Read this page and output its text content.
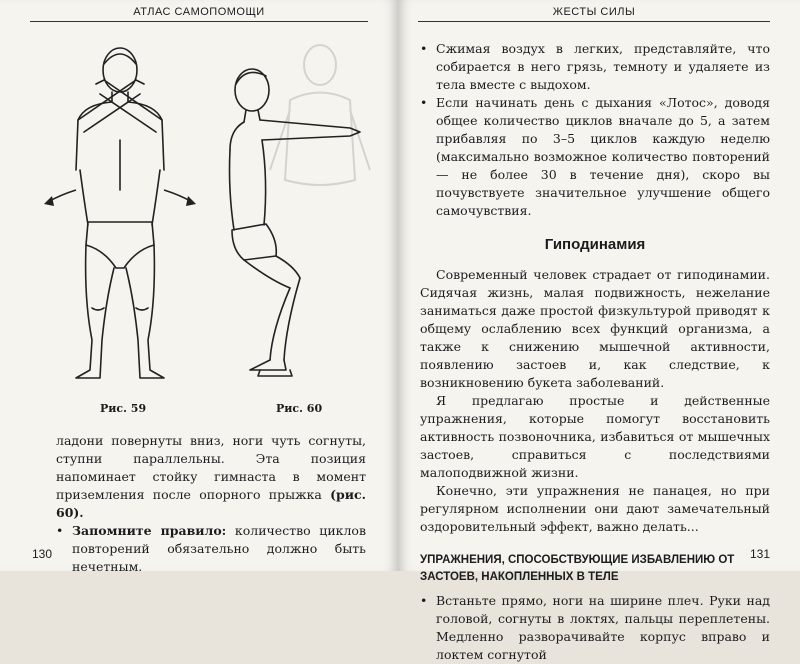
АТЛАС САМОПОМОЩИ
Рис. 59	Рис. 60

ладони повернуты вниз, ноги чуть согнуты, ступни параллельны. Эта позиция напоминает стойку гимнаста в момент приземления после опорного прыжка (рис. 60).

• Запомните правило: количество циклов повторений обязательно должно быть нечетным.

130
ЖЕСТЫ СИЛЫ

• Сжимая воздух в легких, представляйте, что собирается в него грязь, темноту и удаляете из тела вместе с выдохом.

• Если начинать день с дыхания «Лотос», доводя общее количество циклов вначале до 5, а затем прибавляя по 3–5 циклов каждую неделю (максимально возможное количество повторений — не более 30 в течение дня), скоро вы почувствуете значительное улучшение общего самочувствия.

Гиподинамия

Современный человек страдает от гиподинамии. Сидячая жизнь, малая подвижность, нежелание заниматься даже простой физкультурой приводят к общему ослаблению всех функций организма, а также к снижению мышечной активности, появлению застоев и, как следствие, к возникновению букета заболеваний.

Я предлагаю простые и действенные упражнения, которые помогут восстановить активность позвоночника, избавиться от мышечных застоев, справиться с последствиями малоподвижной жизни.

Конечно, эти упражнения не панацея, но при регулярном исполнении они дают замечательный оздоровительный эффект, важно делать...

УПРАЖНЕНИЯ, СПОСОБСТВУЮЩИЕ ИЗБАВЛЕНИЮ ОТ ЗАСТОЕВ, НАКОПЛЕННЫХ В ТЕЛЕ

• Встаньте прямо, ноги на ширине плеч. Руки над головой, согнуты в локтях, пальцы переплетены. Медленно разворачивайте корпус вправо и локтем согнутой

131
